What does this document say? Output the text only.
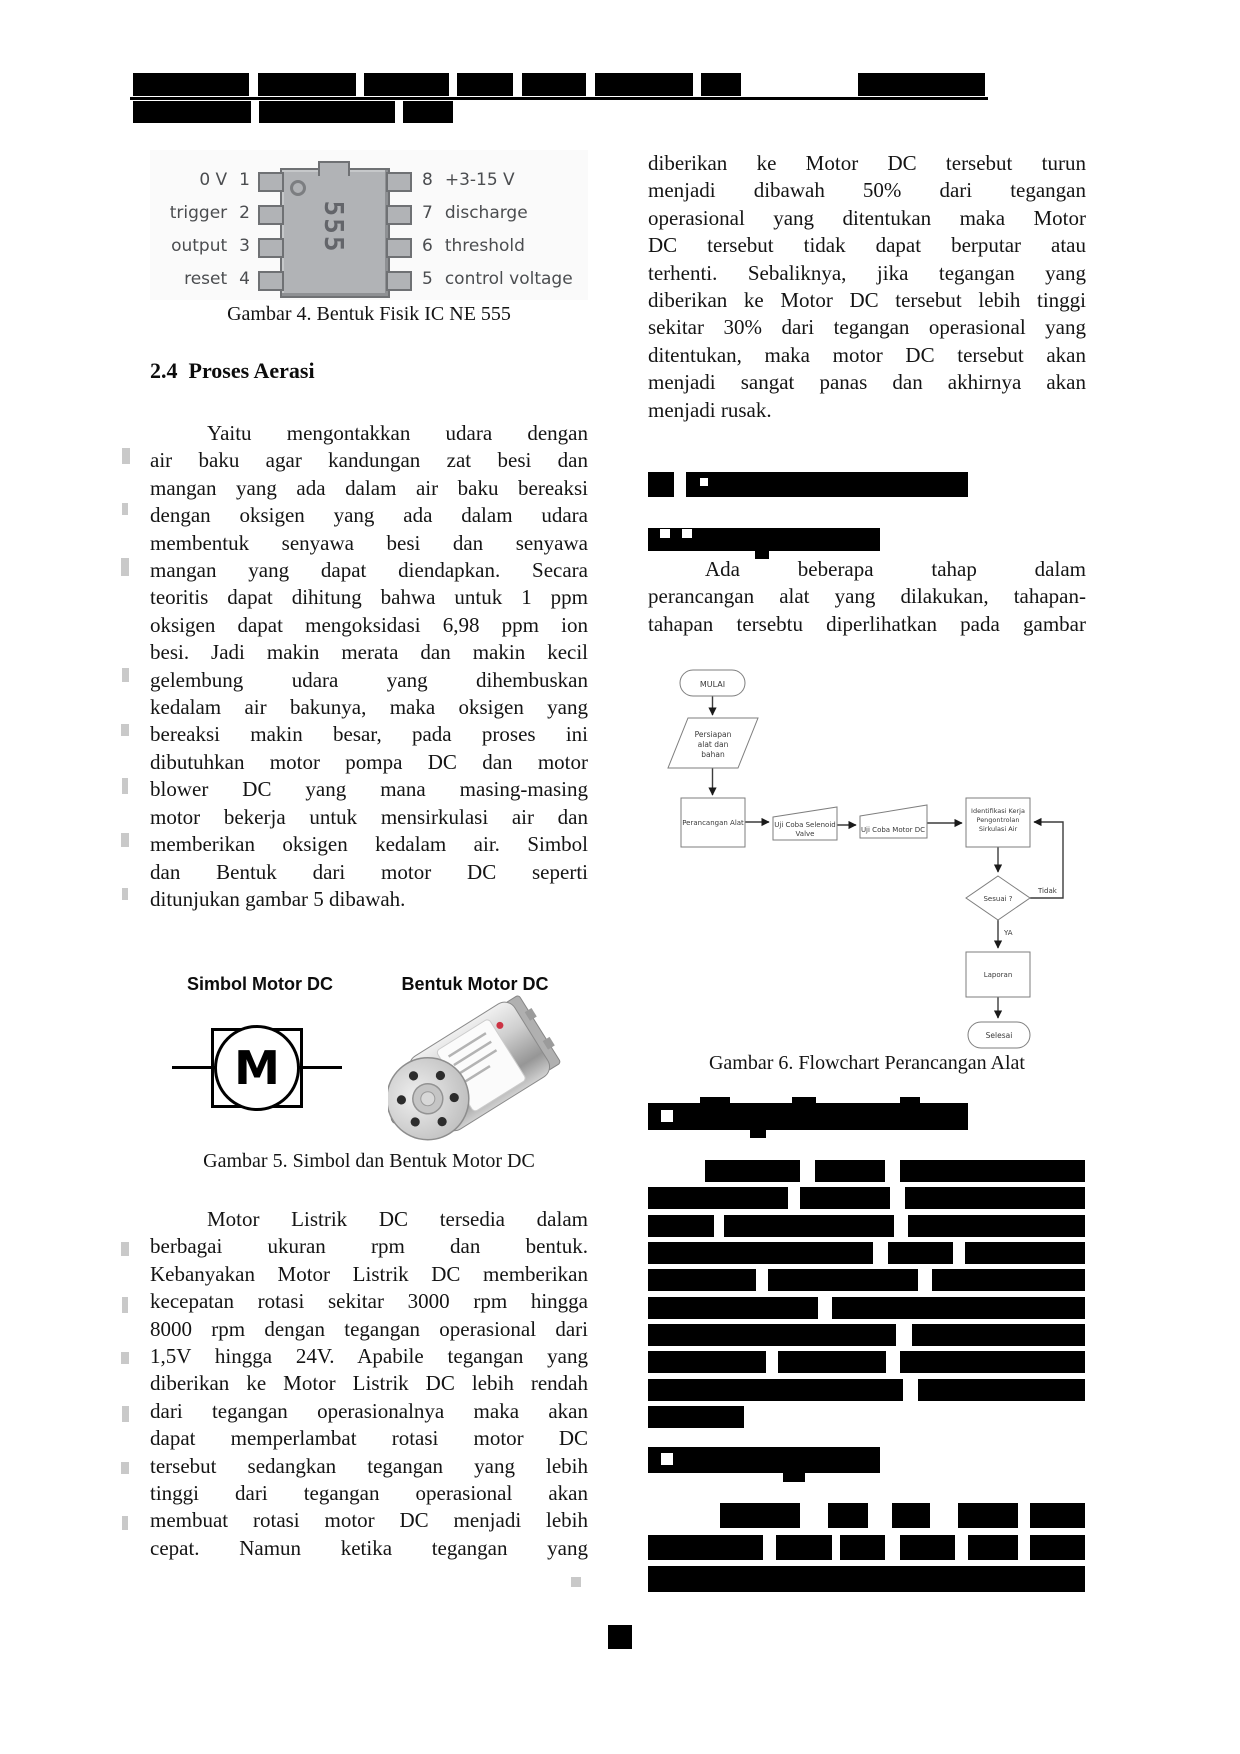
555
0 V 1
trigger 2
output 3
reset 4
8 +3-15 V
7 discharge
6 threshold
5 control voltage
Gambar 4. Bentuk Fisik IC NE 555
2.4  Proses Aerasi
Yaitu mengontakkan udara dengan
air baku agar kandungan zat besi dan
mangan yang ada dalam air baku bereaksi
dengan oksigen yang ada dalam udara
membentuk senyawa besi dan senyawa
mangan yang dapat diendapkan. Secara
teoritis dapat dihitung bahwa untuk 1 ppm
oksigen dapat mengoksidasi 6,98 ppm ion
besi. Jadi makin merata dan makin kecil
gelembung udara yang dihembuskan
kedalam air bakunya, maka oksigen yang
bereaksi makin besar, pada proses ini
dibutuhkan motor pompa DC dan motor
blower DC yang mana masing-masing
motor bekerja untuk mensirkulasi air dan
memberikan oksigen kedalam air. Simbol
dan Bentuk dari motor DC seperti
ditunjukan gambar 5 dibawah.
Simbol Motor DC	Bentuk Motor DC
M
Gambar 5. Simbol dan Bentuk Motor DC
Motor Listrik DC tersedia dalam
berbagai ukuran rpm dan bentuk.
Kebanyakan Motor Listrik DC memberikan
kecepatan rotasi sekitar 3000 rpm hingga
8000 rpm dengan tegangan operasional dari
1,5V hingga 24V. Apabile tegangan yang
diberikan ke Motor Listrik DC lebih rendah
dari tegangan operasionalnya maka akan
dapat memperlambat rotasi motor DC
tersebut sedangkan tegangan yang lebih
tinggi dari tegangan operasional akan
membuat rotasi motor DC menjadi lebih
cepat. Namun ketika tegangan yang
diberikan ke Motor DC tersebut turun
menjadi dibawah 50% dari tegangan
operasional yang ditentukan maka Motor
DC tersebut tidak dapat berputar atau
terhenti. Sebaliknya, jika tegangan yang
diberikan ke Motor DC tersebut lebih tinggi
sekitar 30% dari tegangan operasional yang
ditentukan, maka motor DC tersebut akan
menjadi sangat panas dan akhirnya akan
menjadi rusak.
Ada beberapa tahap dalam
perancangan alat yang dilakukan, tahapan-
tahapan tersebtu diperlihatkan pada gambar
MULAI
Persiapan
alat dan
bahan
Perancangan Alat	Uji Coba Selenoid
Valve	Uji Coba Motor DC
Identifikasi Kerja
Pengontrolan
Sirkulasi Air
Sesuai ?
Tidak
YA
Laporan
Selesai
Gambar 6. Flowchart Perancangan Alat
